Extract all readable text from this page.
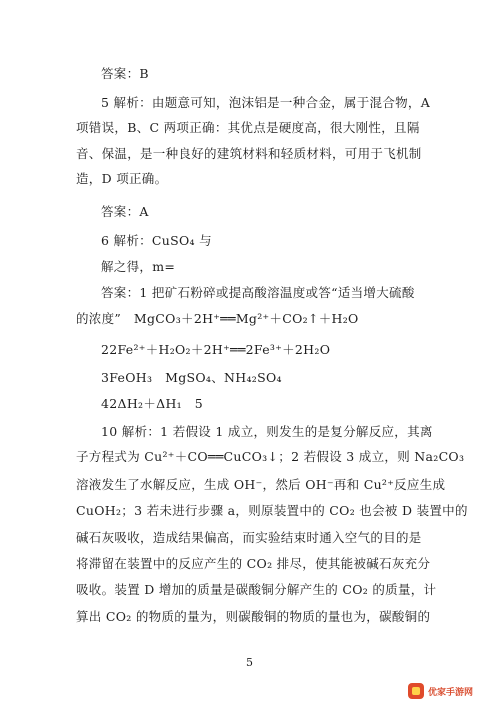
答案：B
5 解析：由题意可知，泡沫铝是一种合金，属于混合物，A
项错误，B、C 两项正确：其优点是硬度高，很大刚性，且隔
音、保温，是一种良好的建筑材料和轻质材料，可用于飞机制
造，D 项正确。
答案：A
6 解析：CuSO₄ 与
解之得，m=
答案：1 把矿石粉碎或提高酸溶温度或答“适当增大硫酸
的浓度”　MgCO₃＋2H⁺══Mg²⁺＋CO₂↑＋H₂O
22Fe²⁺＋H₂O₂＋2H⁺══2Fe³⁺＋2H₂O
3FeOH₃　MgSO₄、NH₄₂SO₄
42ΔH₂＋ΔH₁　5
10 解析：1 若假设 1 成立，则发生的是复分解反应，其离
子方程式为 Cu²⁺＋CO══CuCO₃↓；2 若假设 3 成立，则 Na₂CO₃
溶液发生了水解反应，生成 OH⁻，然后 OH⁻再和 Cu²⁺反应生成
CuOH₂；3 若未进行步骤 a，则原装置中的 CO₂ 也会被 D 装置中的
碱石灰吸收，造成结果偏高，而实验结束时通入空气的目的是
将滞留在装置中的反应产生的 CO₂ 排尽，使其能被碱石灰充分
吸收。装置 D 增加的质量是碳酸铜分解产生的 CO₂ 的质量，计
算出 CO₂ 的物质的量为，则碳酸铜的物质的量也为，碳酸铜的
5
优家手游网
